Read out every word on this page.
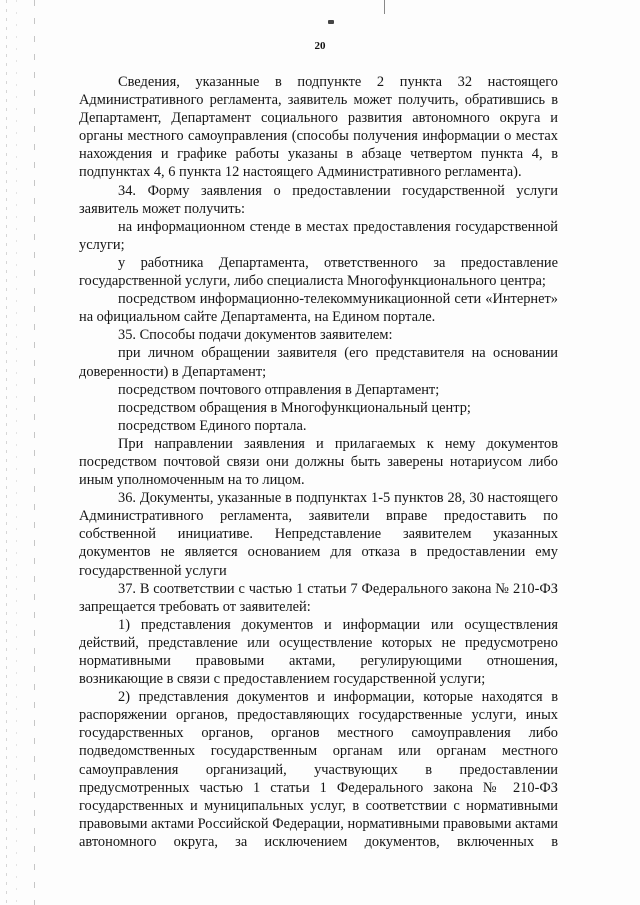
20

Сведения, указанные в подпункте 2 пункта 32 настоящего Административного регламента, заявитель может получить, обратившись в Департамент, Департамент социального развития автономного округа и органы местного самоуправления (способы получения информации о местах нахождения и графике работы указаны в абзаце четвертом пункта 4, в подпунктах 4, 6 пункта 12 настоящего Административного регламента).

34. Форму заявления о предоставлении государственной услуги заявитель может получить:

на информационном стенде в местах предоставления государственной услуги;

у работника Департамента, ответственного за предоставление государственной услуги, либо специалиста Многофункционального центра;

посредством информационно-телекоммуникационной сети «Интернет» на официальном сайте Департамента, на Едином портале.

35. Способы подачи документов заявителем:

при личном обращении заявителя (его представителя на основании доверенности) в Департамент;

посредством почтового отправления в Департамент;

посредством обращения в Многофункциональный центр;

посредством Единого портала.

При направлении заявления и прилагаемых к нему документов посредством почтовой связи они должны быть заверены нотариусом либо иным уполномоченным на то лицом.

36. Документы, указанные в подпунктах 1-5 пунктов 28, 30 настоящего Административного регламента, заявители вправе предоставить по собственной инициативе. Непредставление заявителем указанных документов не является основанием для отказа в предоставлении ему государственной услуги

37. В соответствии с частью 1 статьи 7 Федерального закона № 210-ФЗ запрещается требовать от заявителей:

1) представления документов и информации или осуществления действий, представление или осуществление которых не предусмотрено нормативными правовыми актами, регулирующими отношения, возникающие в связи с предоставлением государственной услуги;

2) представления документов и информации, которые находятся в распоряжении органов, предоставляющих государственные услуги, иных государственных органов, органов местного самоуправления либо подведомственных государственным органам или органам местного самоуправления организаций, участвующих в предоставлении предусмотренных частью 1 статьи 1 Федерального закона № 210-ФЗ государственных и муниципальных услуг, в соответствии с нормативными правовыми актами Российской Федерации, нормативными правовыми актами автономного округа, за исключением документов, включенных в
